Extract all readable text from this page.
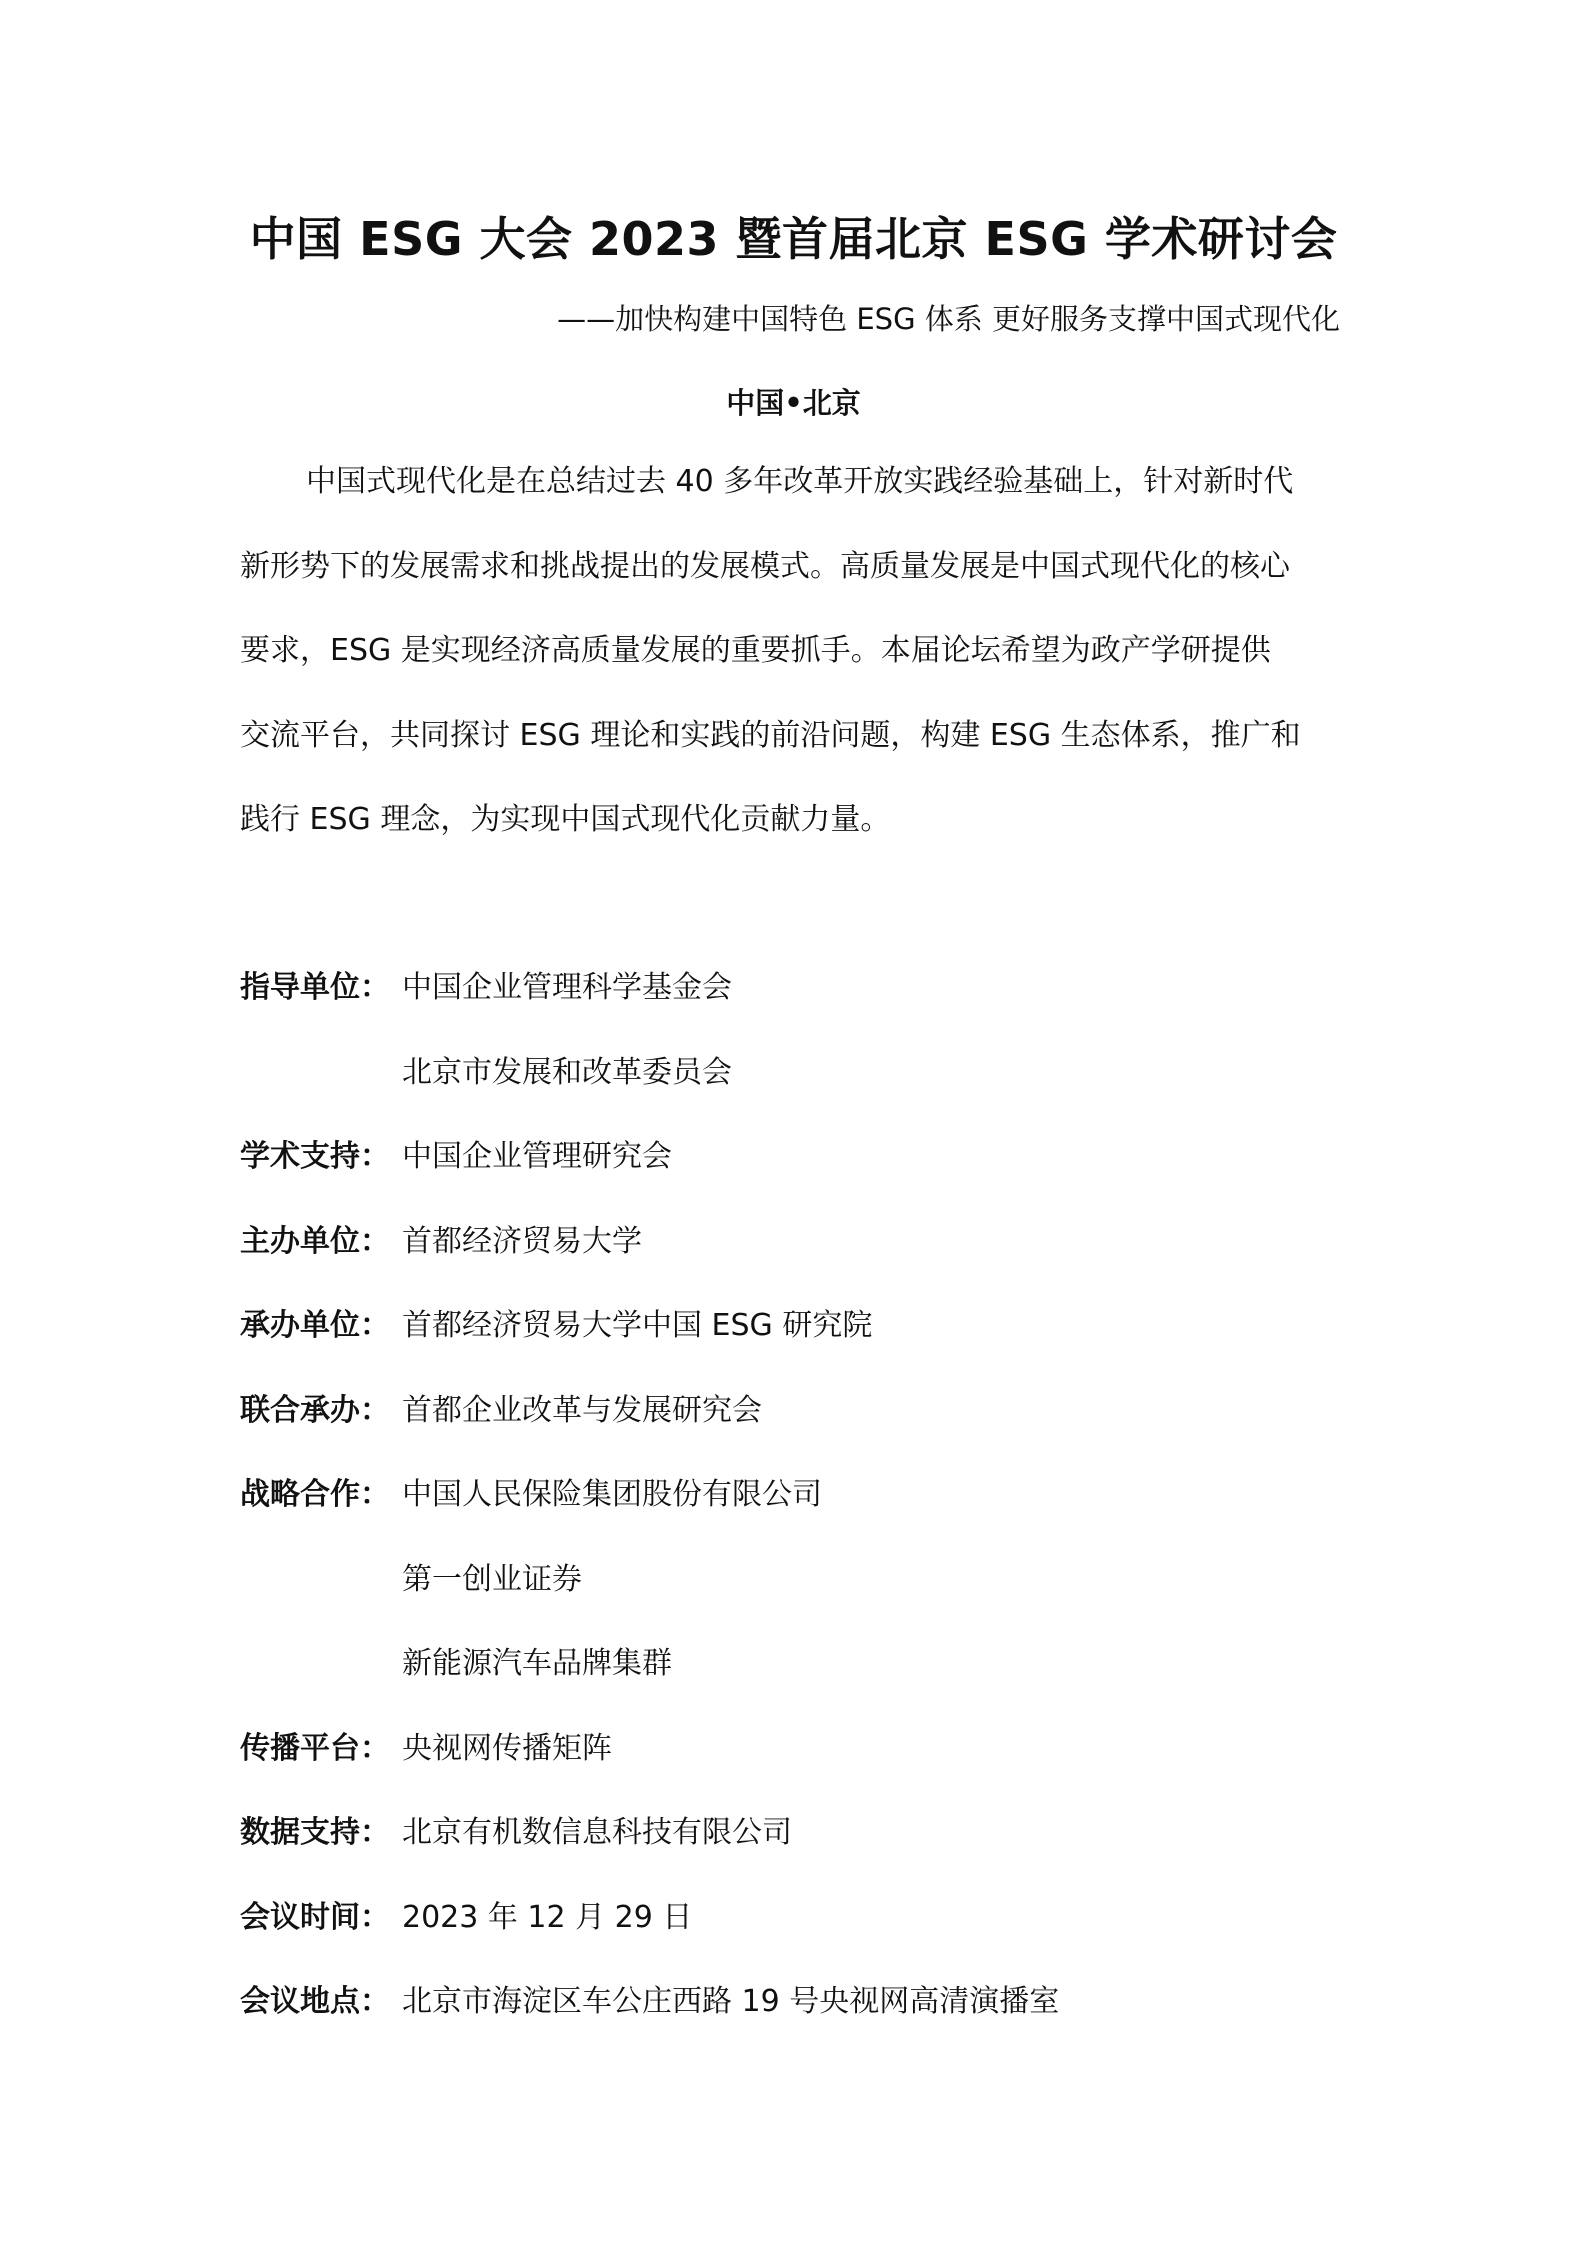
中国 ESG 大会 2023 暨首届北京 ESG 学术研讨会
——加快构建中国特色 ESG 体系 更好服务支撑中国式现代化
中国•北京
中国式现代化是在总结过去 40 多年改革开放实践经验基础上，针对新时代
新形势下的发展需求和挑战提出的发展模式。高质量发展是中国式现代化的核心
要求，ESG 是实现经济高质量发展的重要抓手。本届论坛希望为政产学研提供
交流平台，共同探讨 ESG 理论和实践的前沿问题，构建 ESG 生态体系，推广和
践行 ESG 理念，为实现中国式现代化贡献力量。
指导单位： 中国企业管理科学基金会
北京市发展和改革委员会
学术支持： 中国企业管理研究会
主办单位： 首都经济贸易大学
承办单位： 首都经济贸易大学中国 ESG 研究院
联合承办： 首都企业改革与发展研究会
战略合作： 中国人民保险集团股份有限公司
第一创业证券
新能源汽车品牌集群
传播平台： 央视网传播矩阵
数据支持： 北京有机数信息科技有限公司
会议时间： 2023 年 12 月 29 日
会议地点： 北京市海淀区车公庄西路 19 号央视网高清演播室
